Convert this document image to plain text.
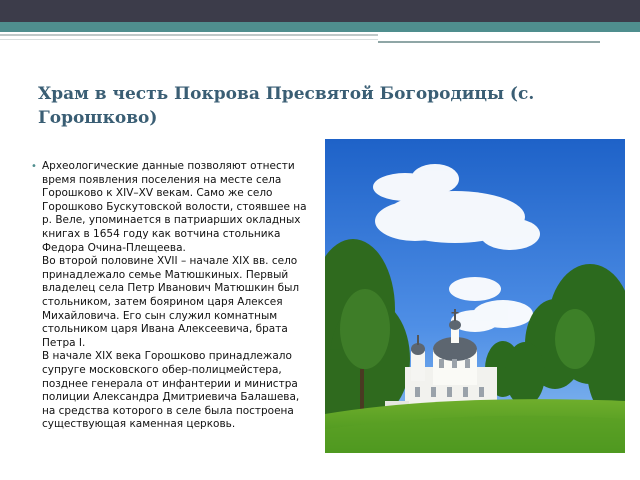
Храм в честь Покрова Пресвятой Богородицы (с. Горошково)
• Археологические данные позволяют отнести время появления поселения на месте села Горошково к XIV–XV векам. Само же село Горошково Бускутовской волости, стоявшее на р. Веле, упоминается в патриарших окладных книгах в 1654 году как вотчина стольника Федора Очина-Плещеева.

Во второй половине XVII – начале XIX вв. село принадлежало семье Матюшкиных. Первый владелец села Петр Иванович Матюшкин был стольником, затем боярином царя Алексея

Михайловича. Его сын служил комнатным стольником царя Ивана Алексеевича, брата Петра I.

В начале XIX века Горошково принадлежало супруге московского обер-полицмейстера, позднее генерала от инфантерии и министра полиции Александра Дмитриевича Балашева, на средства которого в селе была построена существующая каменная церковь.
